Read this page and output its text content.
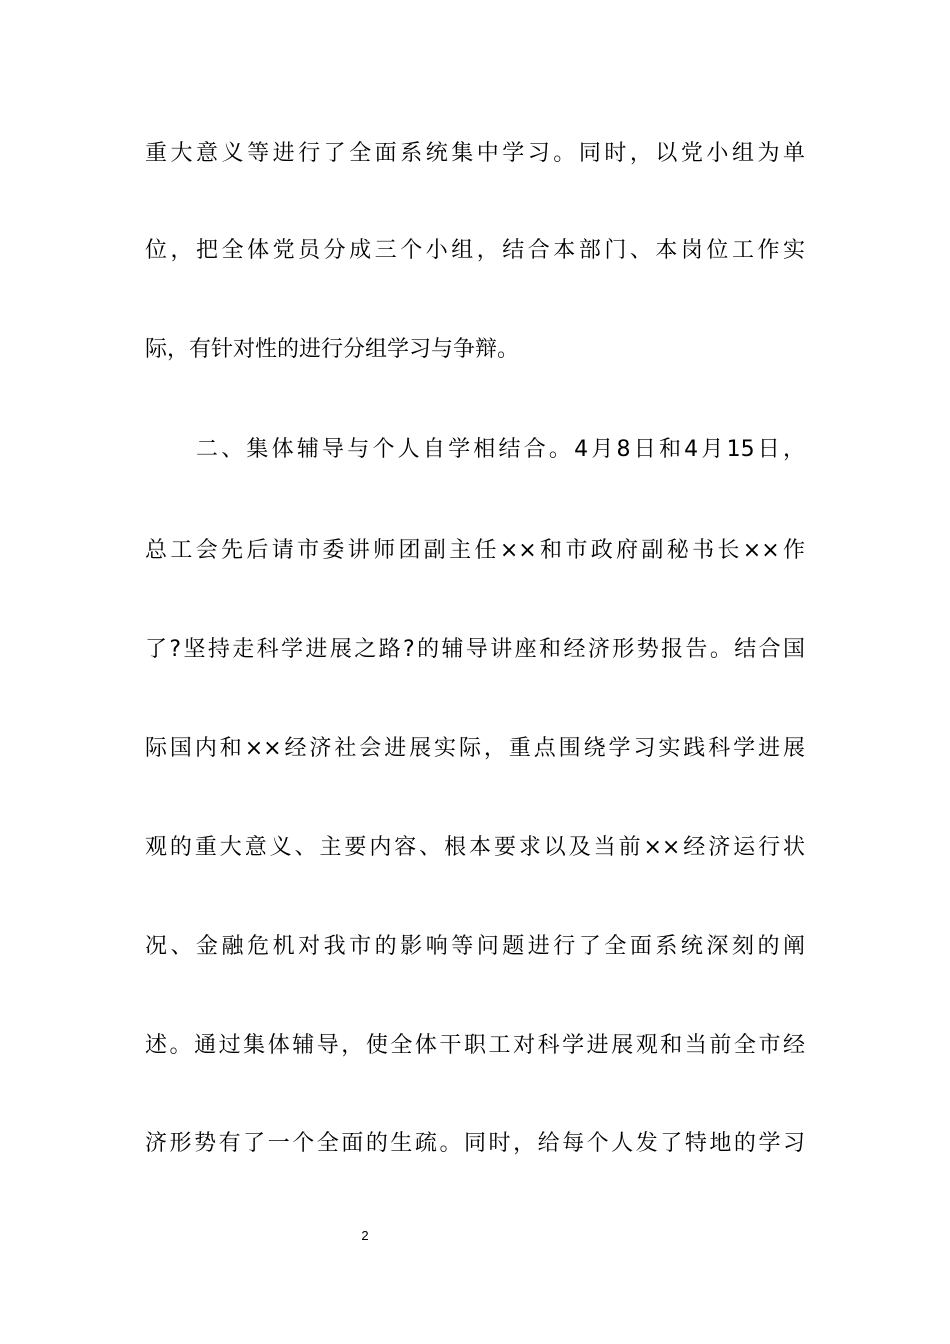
重大意义等进行了全面系统集中学习。同时，以党小组为单
位，把全体党员分成三个小组，结合本部门、本岗位工作实
际，有针对性的进行分组学习与争辩。
二、集体辅导与个人自学相结合。4月8日和4月15日，
总工会先后请市委讲师团副主任××和市政府副秘书长××作
了?坚持走科学进展之路?的辅导讲座和经济形势报告。结合国
际国内和××经济社会进展实际，重点围绕学习实践科学进展
观的重大意义、主要内容、根本要求以及当前××经济运行状
况、金融危机对我市的影响等问题进行了全面系统深刻的阐
述。通过集体辅导，使全体干职工对科学进展观和当前全市经
济形势有了一个全面的生疏。同时，给每个人发了特地的学习
2
